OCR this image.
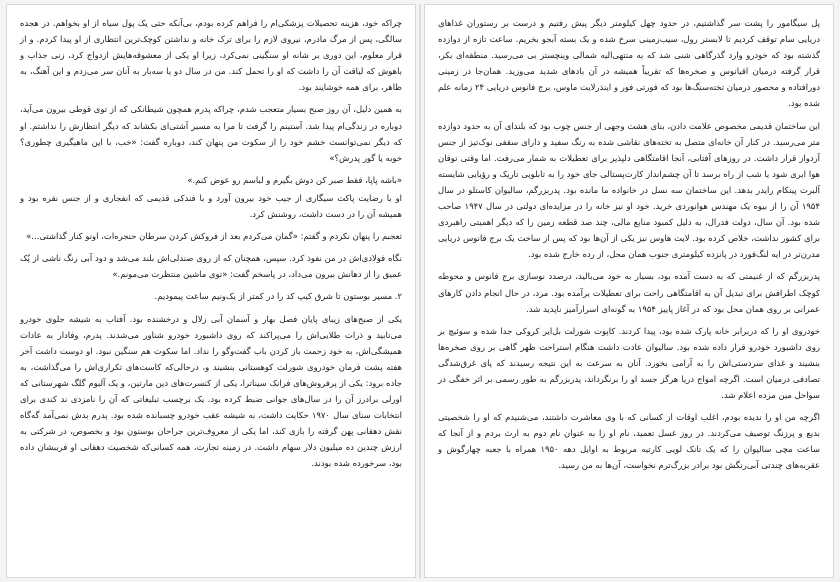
چراکه خود، هزینه تحصیلات پزشکی‌ام را فراهم کرده بودم، بی‌آنکه حتی یک پول سیاه از او بخواهم. در هجده سالگی، پس از مرگ مادرم، نیروی لازم را برای ترک خانه و نداشتن کوچک‌ترین انتظاری از او پیدا کردم. و از قرار معلوم، این دوری بر شانه او سنگینی نمی‌کرد، زیرا او یکی از معشوقه‌هایش ازدواج کرد، زنی جذاب و باهوش که لیاقت آن را داشت که او را تحمل کند. من در سال دو یا سه‌بار به آنان سر می‌زدم و این آهنگ، به ظاهر، برای همه خوشایند بود.

به همین دلیل، آن روز صبح بسیار متعجب شدم، چراکه پدرم همچون شیطانکی که از توی قوطی بیرون می‌آید، دوباره در زندگی‌ام پیدا شد. آستینم را گرفت تا مرا به مسیر آشتی‌ای بکشاند که دیگر انتظارش را نداشتم. او که دیگر نمی‌توانست خشم خود را از سکوت من پنهان کند، دوباره گفت: «خب، با این ماهیگیری چطوری؟ خوبه یا گور پدرش؟»

«باشه پاپا، فقط صبر کن دوش بگیرم و لباسم رو عوض کنم.»

او با رضایت پاکت سیگاری از جیب خود بیرون آورد و با فندکی قدیمی که انفجاری و از جنس نقره بود و همیشه آن را در دست داشت، روشنش کرد.

تعجبم را پنهان نکردم و گفتم: «گمان می‌کردم بعد از فروکش کردن سرطان حنجره‌ات، اونو کنار گذاشتی...»

نگاه فولادی‌اش در من نفوذ کرد. سپس، همچنان که از روی صندلی‌اش بلند می‌شد و دود آبی رنگ ناشی از پُک عمیق را از دهانش بیرون می‌داد، در پاسخم گفت: «توی ماشین منتظرت می‌مونم.»

۲. مسیر بوستون تا شرق کیپ کد را در کمتر از یک‌ونیم ساعت پیمودیم.

یکی از صبح‌های زیبای پایان فصل بهار و آسمان آبی زلال و درخشنده بود. آفتاب به شیشه جلوی خودرو می‌تابید و ذرات طلایی‌اش را می‌پراکند که روی داشبورد خودرو شناور می‌شدند. پدرم، وفادار به عادات همیشگی‌اش، به خود زحمت باز کردن باب گفت‌وگو را نداد. اما سکوت هم سنگین نبود. او دوست داشت آخر هفته پشت فرمان خودروی شورلت کوهستانی بنشیند و، درحالی‌که کاست‌های تکراری‌اش را می‌گذاشت، به جاده برود: یکی از پرفروش‌های فرانک سیناترا، یکی از کنسرت‌های دین مارتین، و یک آلبوم گلگ شهرستانی که اورلی برادرز آن را در سال‌های جوانی ضبط کرده بود. یک برچسب تبلیغاتی که آن را نامزدی ند کندی برای انتخابات سنای سال ۱۹۷۰ حکایت داشت، به شیشه عقب خودرو چسبانده شده بود. پدرم بدش نمی‌آمد گه‌گاه نقش دهقانی پهن گرفته را بازی کند، اما یکی از معروف‌ترین جراحان بوستون بود و بخصوص، در شرکتی به ارزش چندین ده میلیون دلار سهام داشت. در زمینه تجارت، همه کسانی‌که شخصیت دهقانی او فریبشان داده بود، سرخورده شده بودند.

پل سیگامور را پشت سر گذاشتیم، در حدود چهل کیلومتر دیگر پیش رفتیم و درست بر رستوران غذاهای دریایی سام توقف کردیم تا لابستر رول، سیب‌زمینی سرخ شده و یک بسته آبجو بخریم. ساعت تازه از دوازده گذشته بود که خودرو وارد گذرگاهی شنی شد که به منتهی‌الیه شمالی وینچستر بی می‌رسید. منطقه‌ای بکر، قرار گرفته درمیان اقیانوس و صخره‌ها که تقریباً همیشه در آن باد‌های شدید می‌وزید. همان‌جا در زمینی دورافتاده و محصور درمیان تخته‌سنگ‌ها بود که فورتی فور و اینذرلایت ماوس، برج فانوس دریایی ۲۴ زمانه علم شده بود.

این ساختمان قدیمی مخصوص علامت دادن، بنای هشت وجهی از جنس چوب بود که بلندای آن به حدود دوازده متر می‌رسید. در کنار آن خانه‌ای متصل به تخته‌های نقاشی شده به رنگ سفید و دارای سقفی نوک‌تیز از جنس آردواز قرار داشت. در روزهای آفتابی، آنجا اقامتگاهی دلپذیر برای تعطیلات به شمار می‌رفت. اما وقتی توفان هوا ابری شود یا شب از راه برسد تا آن چشم‌انداز کارت‌پستالی جای خود را به تابلویی تاریک و رؤیایی شایسته آلبرت پینکام رایدر بدهد. این ساختمان سه نسل در خانواده ما مانده بود. پدربزرگم، سالیوان کاستلو در سال ۱۹۵۴ آن را از بیوه یک مهندس هوانوردی خرید. خود او نیز خانه را در مزایده‌ای دولتی در سال ۱۹۴۷ صاحب شده بود. آن سال، دولت فدرال، به دلیل کمبود منابع مالی، چند صد قطعه زمین را که دیگر اهمیتی راهبردی برای کشور نداشت، خلاص کرده بود. لایت هاوس نیز یکی از آن‌ها بود که پس از ساخت یک برج فانوس دریایی مدرن‌تر در ایه لنگ‌فورد در پانزده کیلومتری جنوب همان محل، از رده خارج شده بود.

پدربزرگم که از غنیمتی که به دست آمده بود، بسیار به خود می‌بالید، درصدد نوسازی برج فانوس و محوطه کوچک اطرافش برای تبدیل آن به اقامتگاهی راحت برای تعطیلات برآمده بود. مرد، در حال انجام دادن کارهای عمرانی بر روی همان محل بود که در آغاز پاییز ۱۹۵۴ به گونه‌ای اسرارآمیز ناپدید شد.

خودروی او را که دربرابر خانه پارک شده بود، پیدا کردند. کاپوت شورلت بل‌ایر کروکی جدا شده و سوئیچ بر روی داشبورد خودرو قرار داده شده بود. سالیوان عادت داشت هنگام استراحت ظهر گاهی بر روی صخره‌ها بنشیند و غذای سردستی‌اش را به آرامی بخورد. آنان به سرعت به این نتیجه رسیدند که پای غرق‌شدگی تصادفی درمیان است. اگرچه امواج دریا هرگز جسد او را برنگرداند، پدربزرگم به طور رسمی بر اثر خفگی در سواحل مین مرده اعلام شد.

اگرچه من او را ندیده بودم، اغلب اوقات از کسانی که با وی معاشرت داشتند، می‌شنیدم که او را شخصیتی بدیع و پرزنگ توصیف می‌کردند. در روز غسل تعمید، نام او را به عنوان نام دوم به ارث بردم و از آنجا که ساعت مچی سالیوان را که یک تانک لویی کارتیه مربوط به اوایل دهه ۱۹۵۰ همراه با جعبه چهارگوش و عقربه‌های چندتی آبی‌رنگش بود برادر بزرگ‌ترم نخواست، آن‌ها به من رسید.
